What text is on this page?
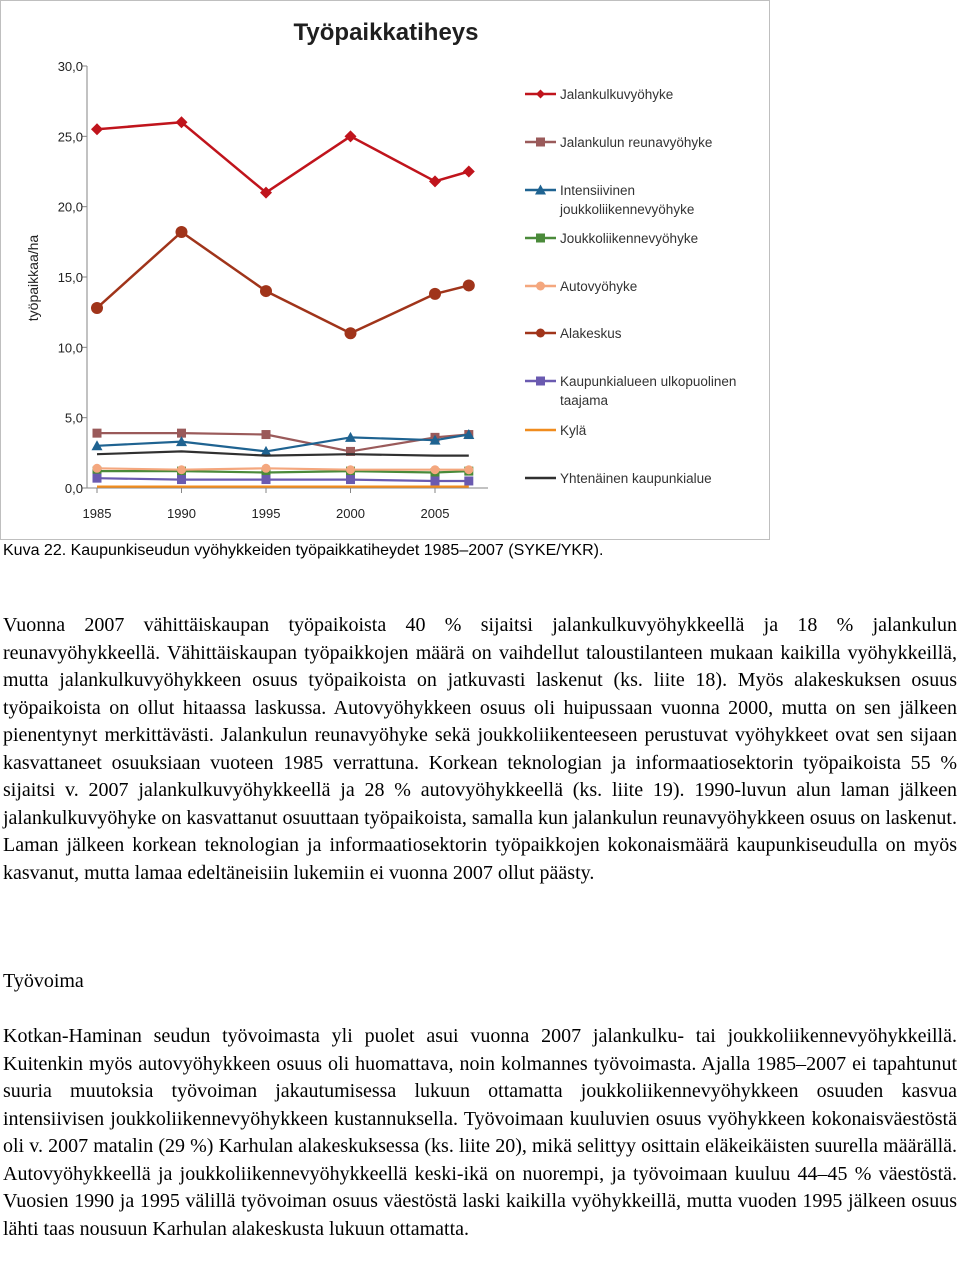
Työpaikkatiheys
työpaikkaa/ha
0,0
5,0
10,0
15,0
20,0
25,0
30,0
1985	1990	1995	2000	2005
Jalankulkuvyöhyke
Jalankulun reunavyöhyke
Intensiivinen joukkoliikennevyöhyke
Joukkoliikennevyöhyke
Autovyöhyke
Alakeskus
Kaupunkialueen ulkopuolinen taajama
Kylä
Yhtenäinen kaupunkialue
Kuva 22. Kaupunkiseudun vyöhykkeiden työpaikkatiheydet 1985–2007 (SYKE/YKR).

Vuonna 2007 vähittäiskaupan työpaikoista 40 % sijaitsi jalankulkuvyöhykkeellä ja 18 % jalankulun reunavyöhykkeellä. Vähittäiskaupan työpaikkojen määrä on vaihdellut taloustilanteen mukaan kaikilla vyöhykkeillä, mutta jalankulkuvyöhykkeen osuus työpaikoista on jatkuvasti laskenut (ks. liite 18). Myös alakeskuksen osuus työpaikoista on ollut hitaassa laskussa. Autovyöhykkeen osuus oli huipussaan vuonna 2000, mutta on sen jälkeen pienentynyt merkittävästi. Jalankulun reunavyöhyke sekä joukkoliikenteeseen perustuvat vyöhykkeet ovat sen sijaan kasvattaneet osuuksiaan vuoteen 1985 verrattuna. Korkean teknologian ja informaatiosektorin työpaikoista 55 % sijaitsi v. 2007 jalankulkuvyöhykkeellä ja 28 % autovyöhykkeellä (ks. liite 19). 1990-luvun alun laman jälkeen jalankulkuvyöhyke on kasvattanut osuuttaan työpaikoista, samalla kun jalankulun reunavyöhykkeen osuus on laskenut. Laman jälkeen korkean teknologian ja informaatiosektorin työpaikkojen kokonaismäärä kaupunkiseudulla on myös kasvanut, mutta lamaa edeltäneisiin lukemiin ei vuonna 2007 ollut päästy.

Työvoima

Kotkan-Haminan seudun työvoimasta yli puolet asui vuonna 2007 jalankulku- tai joukkoliikennevyöhykkeillä. Kuitenkin myös autovyöhykkeen osuus oli huomattava, noin kolmannes työvoimasta. Ajalla 1985–2007 ei tapahtunut suuria muutoksia työvoiman jakautumisessa lukuun ottamatta joukkoliikennevyöhykkeen osuuden kasvua intensiivisen joukkoliikennevyöhykkeen kustannuksella. Työvoimaan kuuluvien osuus vyöhykkeen kokonaisväestöstä oli v. 2007 matalin (29 %) Karhulan alakeskuksessa (ks. liite 20), mikä selittyy osittain eläkeikäisten suurella määrällä. Autovyöhykkeellä ja joukkoliikennevyöhykkeellä keski-ikä on nuorempi, ja työvoimaan kuuluu 44–45 % väestöstä. Vuosien 1990 ja 1995 välillä työvoiman osuus väestöstä laski kaikilla vyöhykkeillä, mutta vuoden 1995 jälkeen osuus lähti taas nousuun Karhulan alakeskusta lukuun ottamatta.
